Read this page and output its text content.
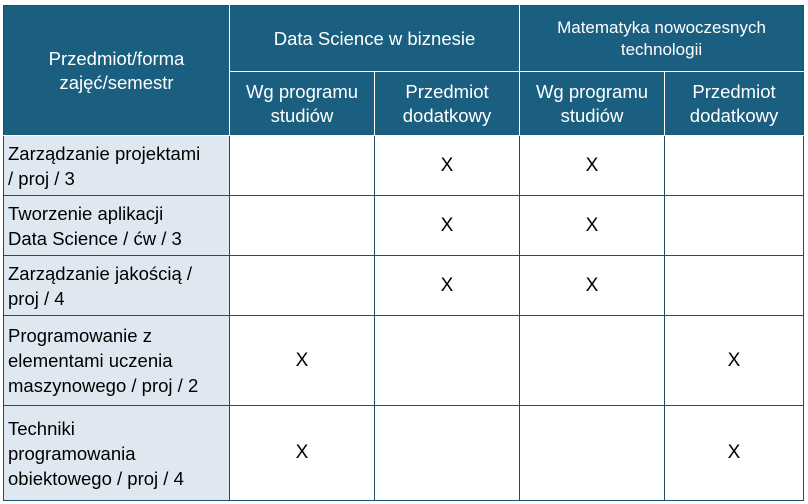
Przedmiot/forma
zajęć/semestr	Data Science w biznesie		Matematyka nowoczesnych
technologii	
	Wg programu
studiów	Przedmiot
dodatkowy	Wg programu
studiów	Przedmiot
dodatkowy
Zarządzanie projektami
/ proj / 3		X	X	
Tworzenie aplikacji
Data Science / ćw / 3		X	X	
Zarządzanie jakością /
proj / 4		X	X	
Programowanie z
elementami uczenia
maszynowego / proj / 2	X			X
Techniki
programowania
obiektowego / proj / 4	X			X
